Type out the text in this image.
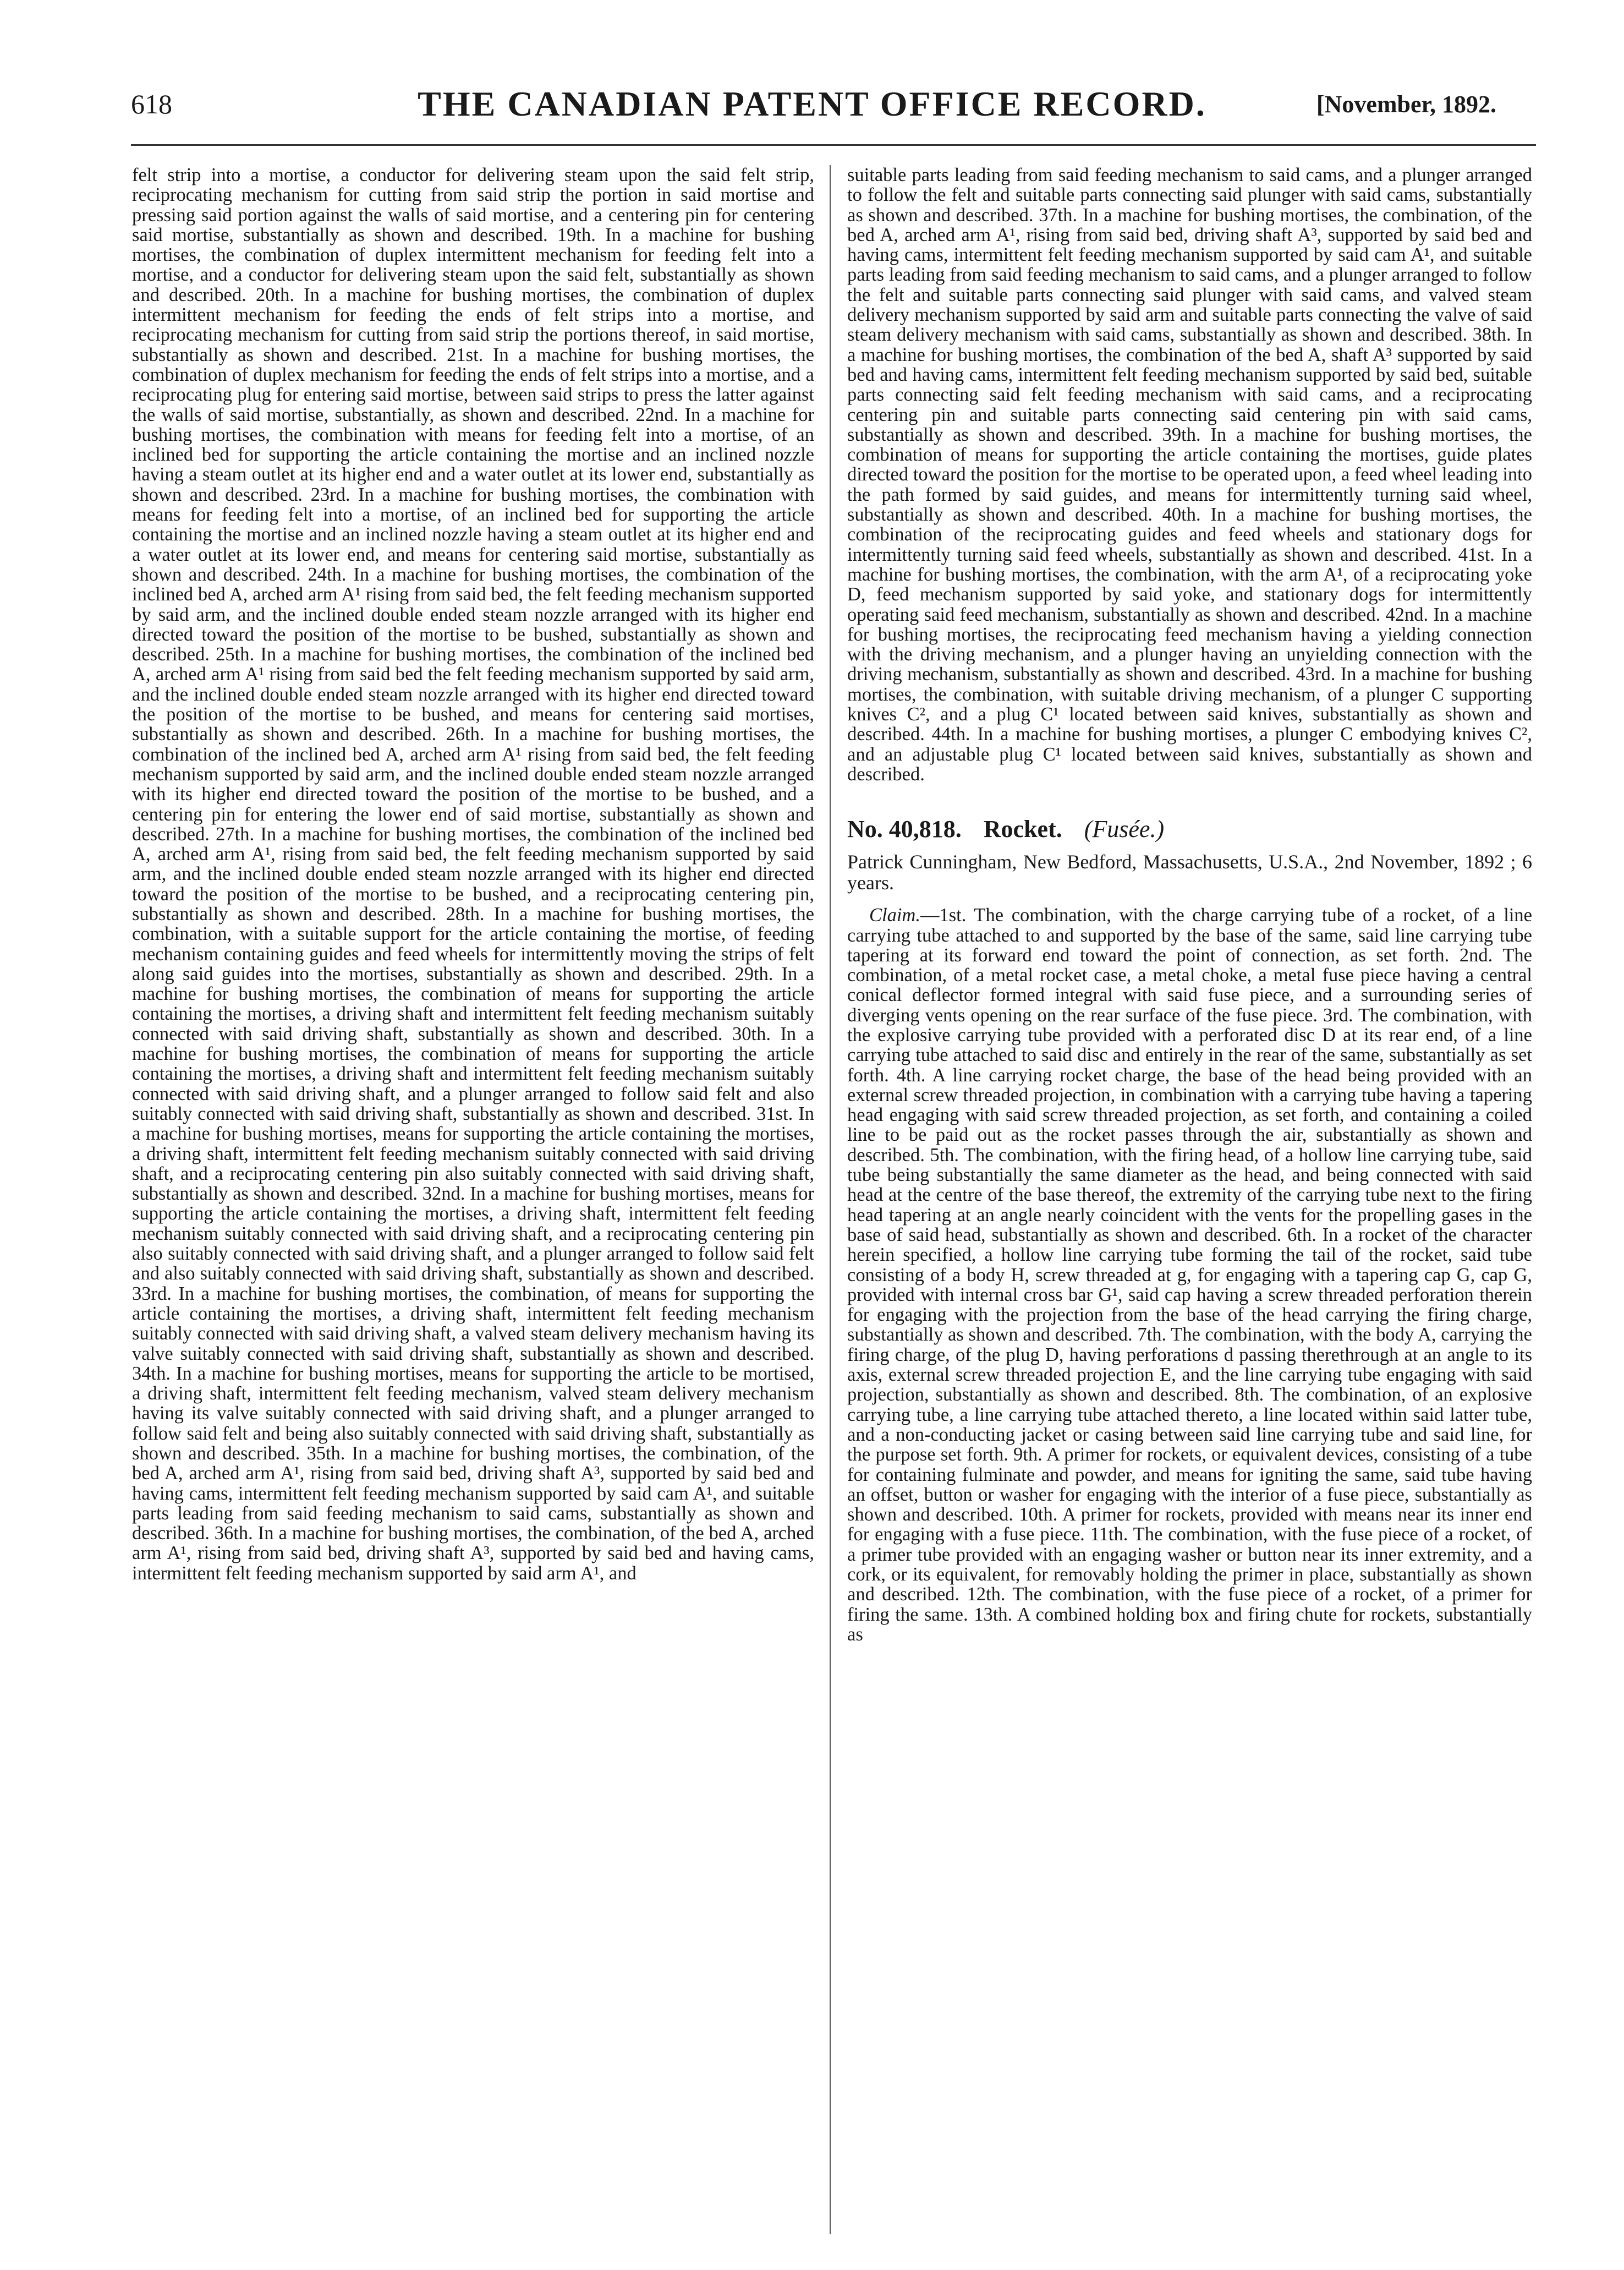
618	THE CANADIAN PATENT OFFICE RECORD.	[November, 1892.

felt strip into a mortise, a conductor for delivering steam upon the said felt strip, reciprocating mechanism for cutting from said strip the portion in said mortise and pressing said portion against the walls of said mortise, and a centering pin for centering said mortise, substantially as shown and described. 19th. In a machine for bushing mortises, the combination of duplex intermittent mechanism for feeding felt into a mortise, and a conductor for delivering steam upon the said felt, substantially as shown and described. 20th. In a machine for bushing mortises, the combination of duplex intermittent mechanism for feeding the ends of felt strips into a mortise, and reciprocating mechanism for cutting from said strip the portions thereof, in said mortise, substantially as shown and described. 21st. In a machine for bushing mortises, the combination of duplex mechanism for feeding the ends of felt strips into a mortise, and a reciprocating plug for entering said mortise, between said strips to press the latter against the walls of said mortise, substantially, as shown and described. 22nd. In a machine for bushing mortises, the combination with means for feeding felt into a mortise, of an inclined bed for supporting the article containing the mortise and an inclined nozzle having a steam outlet at its higher end and a water outlet at its lower end, substantially as shown and described. 23rd. In a machine for bushing mortises, the combination with means for feeding felt into a mortise, of an inclined bed for supporting the article containing the mortise and an inclined nozzle having a steam outlet at its higher end and a water outlet at its lower end, and means for centering said mortise, substantially as shown and described. 24th. In a machine for bushing mortises, the combination of the inclined bed A, arched arm A¹ rising from said bed, the felt feeding mechanism supported by said arm, and the inclined double ended steam nozzle arranged with its higher end directed toward the position of the mortise to be bushed, substantially as shown and described. 25th. In a machine for bushing mortises, the combination of the inclined bed A, arched arm A¹ rising from said bed the felt feeding mechanism supported by said arm, and the inclined double ended steam nozzle arranged with its higher end directed toward the position of the mortise to be bushed, and means for centering said mortises, substantially as shown and described. 26th. In a machine for bushing mortises, the combination of the inclined bed A, arched arm A¹ rising from said bed, the felt feeding mechanism supported by said arm, and the inclined double ended steam nozzle arranged with its higher end directed toward the position of the mortise to be bushed, and a centering pin for entering the lower end of said mortise, substantially as shown and described. 27th. In a machine for bushing mortises, the combination of the inclined bed A, arched arm A¹, rising from said bed, the felt feeding mechanism supported by said arm, and the inclined double ended steam nozzle arranged with its higher end directed toward the position of the mortise to be bushed, and a reciprocating centering pin, substantially as shown and described. 28th. In a machine for bushing mortises, the combination, with a suitable support for the article containing the mortise, of feeding mechanism containing guides and feed wheels for intermittently moving the strips of felt along said guides into the mortises, substantially as shown and described. 29th. In a machine for bushing mortises, the combination of means for supporting the article containing the mortises, a driving shaft and intermittent felt feeding mechanism suitably connected with said driving shaft, substantially as shown and described. 30th. In a machine for bushing mortises, the combination of means for supporting the article containing the mortises, a driving shaft and intermittent felt feeding mechanism suitably connected with said driving shaft, and a plunger arranged to follow said felt and also suitably connected with said driving shaft, substantially as shown and described. 31st. In a machine for bushing mortises, means for supporting the article containing the mortises, a driving shaft, intermittent felt feeding mechanism suitably connected with said driving shaft, and a reciprocating centering pin also suitably connected with said driving shaft, substantially as shown and described. 32nd. In a machine for bushing mortises, means for supporting the article containing the mortises, a driving shaft, intermittent felt feeding mechanism suitably connected with said driving shaft, and a reciprocating centering pin also suitably connected with said driving shaft, and a plunger arranged to follow said felt and also suitably connected with said driving shaft, substantially as shown and described. 33rd. In a machine for bushing mortises, the combination, of means for supporting the article containing the mortises, a driving shaft, intermittent felt feeding mechanism suitably connected with said driving shaft, a valved steam delivery mechanism having its valve suitably connected with said driving shaft, substantially as shown and described. 34th. In a machine for bushing mortises, means for supporting the article to be mortised, a driving shaft, intermittent felt feeding mechanism, valved steam delivery mechanism having its valve suitably connected with said driving shaft, and a plunger arranged to follow said felt and being also suitably connected with said driving shaft, substantially as shown and described. 35th. In a machine for bushing mortises, the combination, of the bed A, arched arm A¹, rising from said bed, driving shaft A³, supported by said bed and having cams, intermittent felt feeding mechanism supported by said cam A¹, and suitable parts leading from said feeding mechanism to said cams, substantially as shown and described. 36th. In a machine for bushing mortises, the combination, of the bed A, arched arm A¹, rising from said bed, driving shaft A³, supported by said bed and having cams, intermittent felt feeding mechanism supported by said arm A¹, and

suitable parts leading from said feeding mechanism to said cams, and a plunger arranged to follow the felt and suitable parts connecting said plunger with said cams, substantially as shown and described. 37th. In a machine for bushing mortises, the combination, of the bed A, arched arm A¹, rising from said bed, driving shaft A³, supported by said bed and having cams, intermittent felt feeding mechanism supported by said cam A¹, and suitable parts leading from said feeding mechanism to said cams, and a plunger arranged to follow the felt and suitable parts connecting said plunger with said cams, and valved steam delivery mechanism supported by said arm and suitable parts connecting the valve of said steam delivery mechanism with said cams, substantially as shown and described. 38th. In a machine for bushing mortises, the combination of the bed A, shaft A³ supported by said bed and having cams, intermittent felt feeding mechanism supported by said bed, suitable parts connecting said felt feeding mechanism with said cams, and a reciprocating centering pin and suitable parts connecting said centering pin with said cams, substantially as shown and described. 39th. In a machine for bushing mortises, the combination of means for supporting the article containing the mortises, guide plates directed toward the position for the mortise to be operated upon, a feed wheel leading into the path formed by said guides, and means for intermittently turning said wheel, substantially as shown and described. 40th. In a machine for bushing mortises, the combination of the reciprocating guides and feed wheels and stationary dogs for intermittently turning said feed wheels, substantially as shown and described. 41st. In a machine for bushing mortises, the combination, with the arm A¹, of a reciprocating yoke D, feed mechanism supported by said yoke, and stationary dogs for intermittently operating said feed mechanism, substantially as shown and described. 42nd. In a machine for bushing mortises, the reciprocating feed mechanism having a yielding connection with the driving mechanism, and a plunger having an unyielding connection with the driving mechanism, substantially as shown and described. 43rd. In a machine for bushing mortises, the combination, with suitable driving mechanism, of a plunger C supporting knives C², and a plug C¹ located between said knives, substantially as shown and described. 44th. In a machine for bushing mortises, a plunger C embodying knives C², and an adjustable plug C¹ located between said knives, substantially as shown and described.

No. 40,818. Rocket. (Fusée.)

Patrick Cunningham, New Bedford, Massachusetts, U.S.A., 2nd November, 1892 ; 6 years.

Claim.—1st. The combination, with the charge carrying tube of a rocket, of a line carrying tube attached to and supported by the base of the same, said line carrying tube tapering at its forward end toward the point of connection, as set forth. 2nd. The combination, of a metal rocket case, a metal choke, a metal fuse piece having a central conical deflector formed integral with said fuse piece, and a surrounding series of diverging vents opening on the rear surface of the fuse piece. 3rd. The combination, with the explosive carrying tube provided with a perforated disc D at its rear end, of a line carrying tube attached to said disc and entirely in the rear of the same, substantially as set forth. 4th. A line carrying rocket charge, the base of the head being provided with an external screw threaded projection, in combination with a carrying tube having a tapering head engaging with said screw threaded projection, as set forth, and containing a coiled line to be paid out as the rocket passes through the air, substantially as shown and described. 5th. The combination, with the firing head, of a hollow line carrying tube, said tube being substantially the same diameter as the head, and being connected with said head at the centre of the base thereof, the extremity of the carrying tube next to the firing head tapering at an angle nearly coincident with the vents for the propelling gases in the base of said head, substantially as shown and described. 6th. In a rocket of the character herein specified, a hollow line carrying tube forming the tail of the rocket, said tube consisting of a body H, screw threaded at g, for engaging with a tapering cap G, cap G, provided with internal cross bar G¹, said cap having a screw threaded perforation therein for engaging with the projection from the base of the head carrying the firing charge, substantially as shown and described. 7th. The combination, with the body A, carrying the firing charge, of the plug D, having perforations d passing therethrough at an angle to its axis, external screw threaded projection E, and the line carrying tube engaging with said projection, substantially as shown and described. 8th. The combination, of an explosive carrying tube, a line carrying tube attached thereto, a line located within said latter tube, and a non-conducting jacket or casing between said line carrying tube and said line, for the purpose set forth. 9th. A primer for rockets, or equivalent devices, consisting of a tube for containing fulminate and powder, and means for igniting the same, said tube having an offset, button or washer for engaging with the interior of a fuse piece, substantially as shown and described. 10th. A primer for rockets, provided with means near its inner end for engaging with a fuse piece. 11th. The combination, with the fuse piece of a rocket, of a primer tube provided with an engaging washer or button near its inner extremity, and a cork, or its equivalent, for removably holding the primer in place, substantially as shown and described. 12th. The combination, with the fuse piece of a rocket, of a primer for firing the same. 13th. A combined holding box and firing chute for rockets, substantially as
